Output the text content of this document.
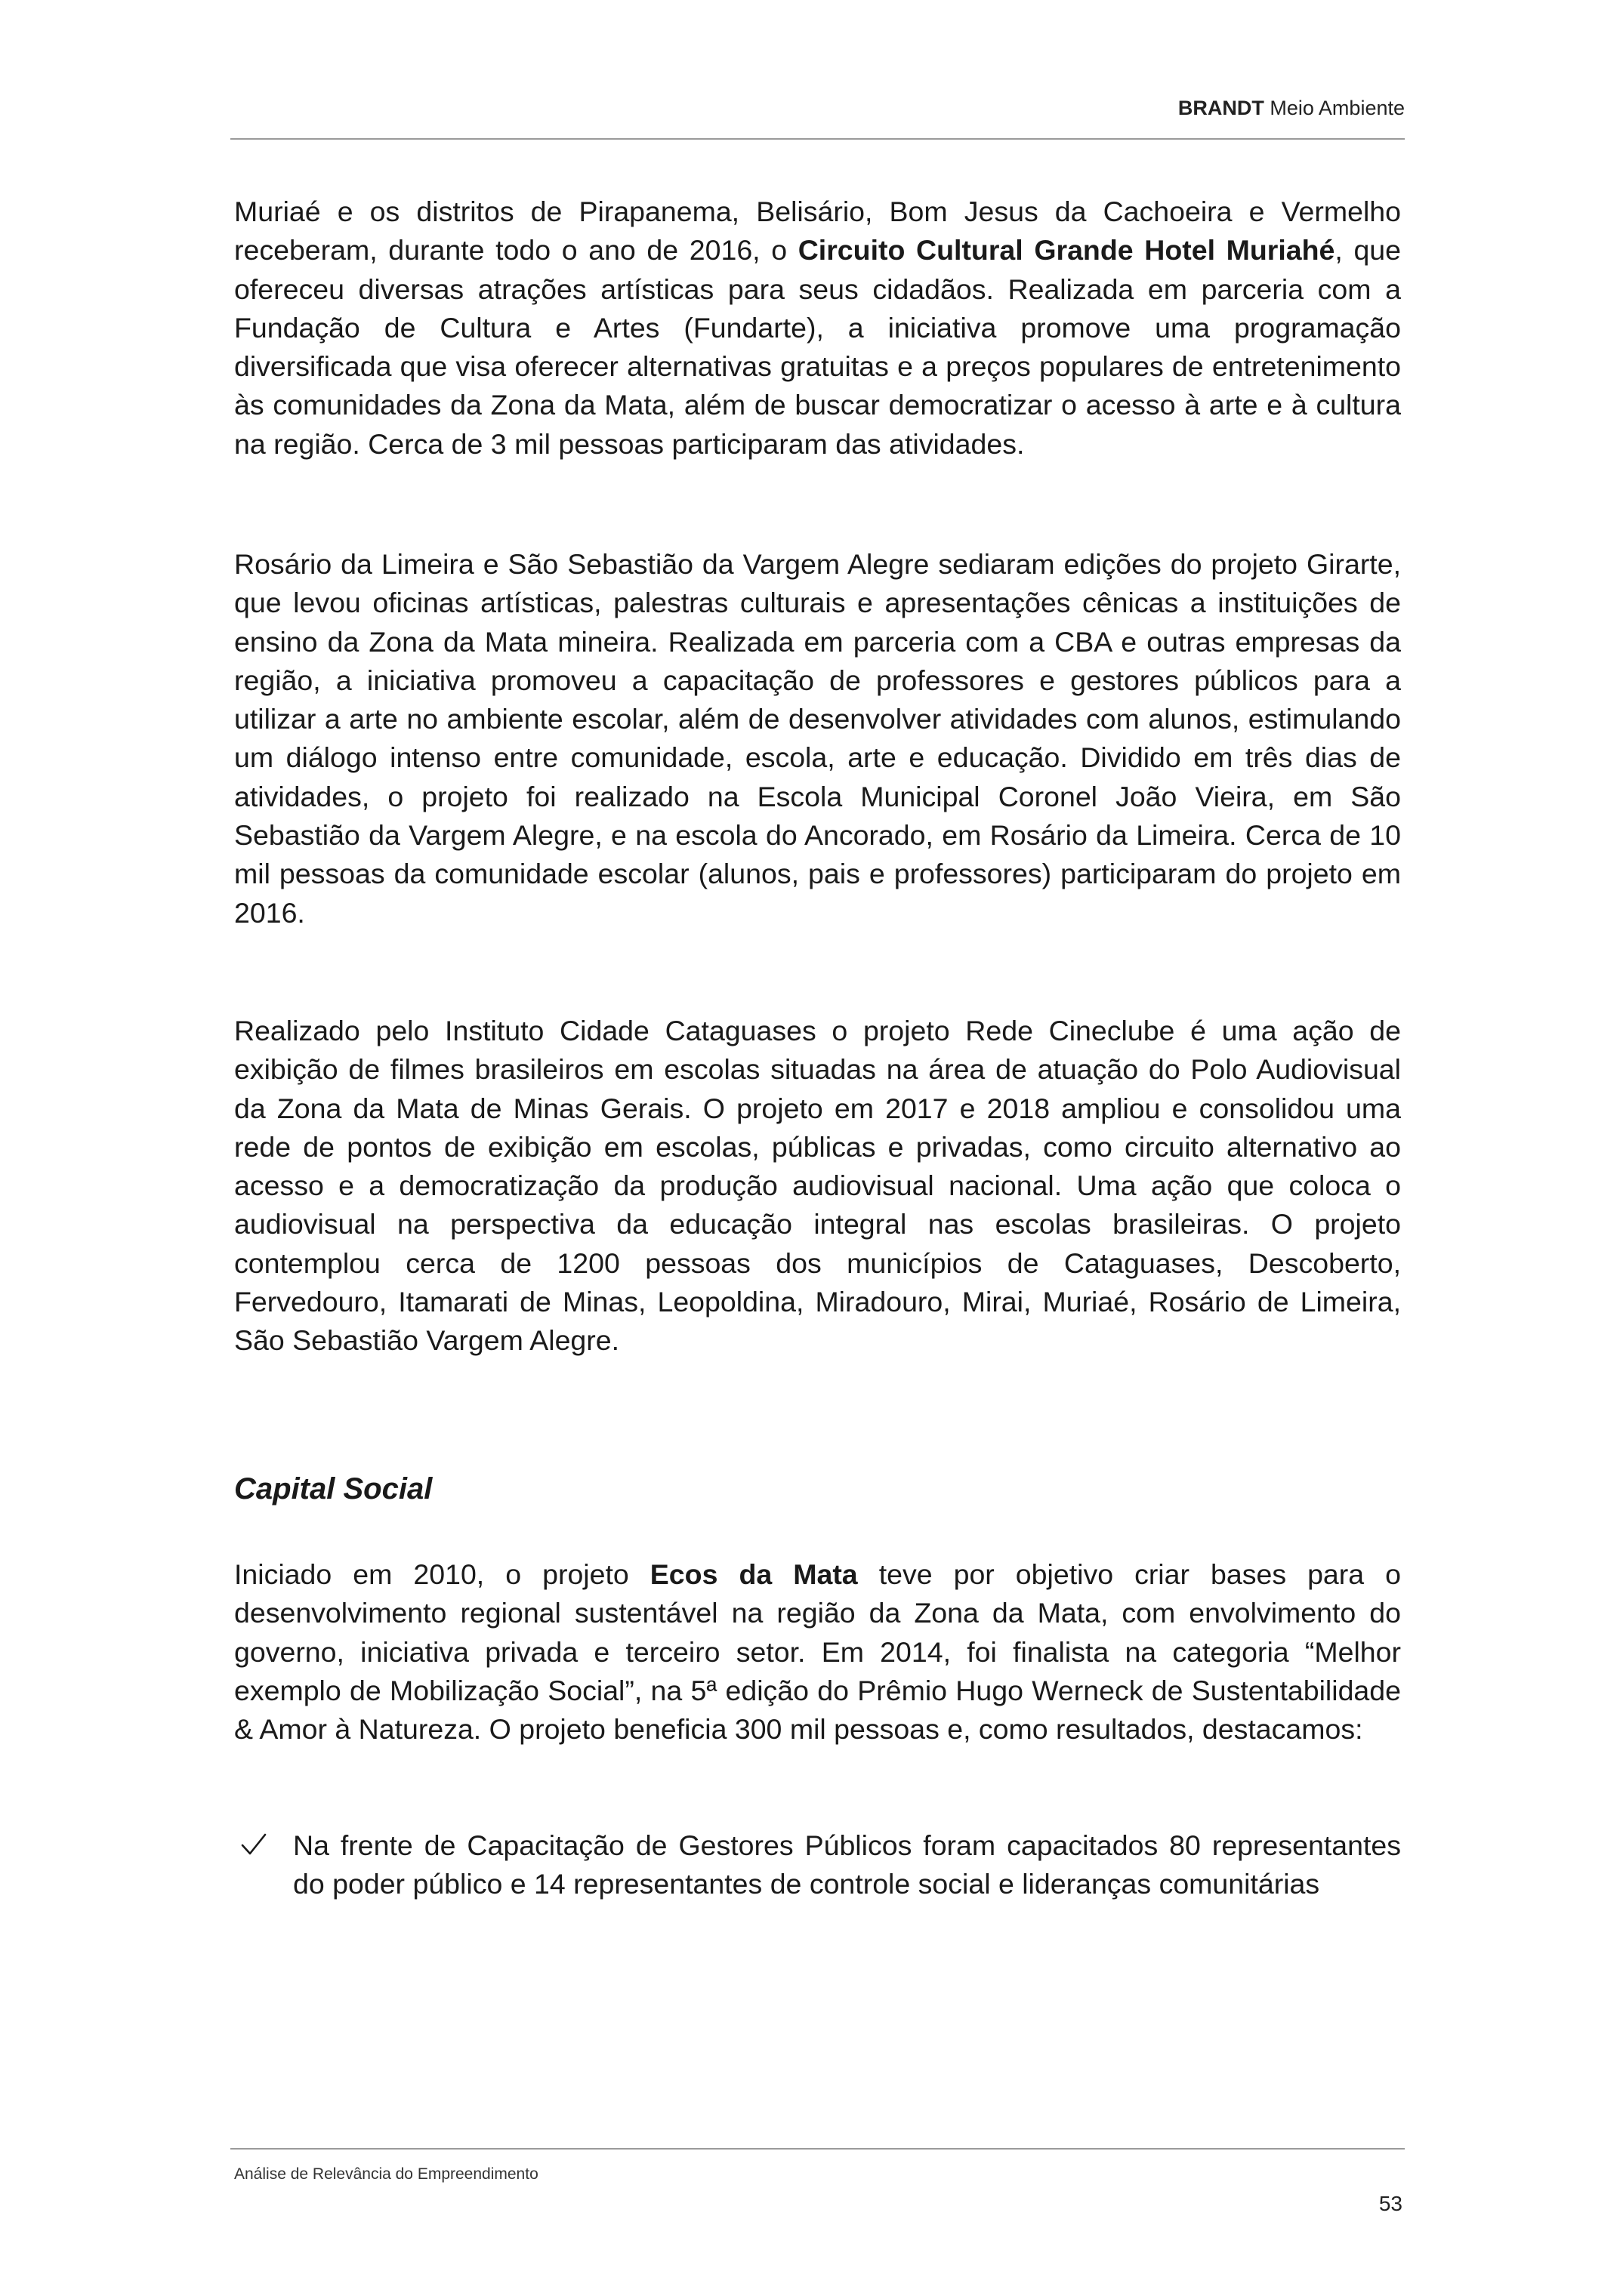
BRANDT Meio Ambiente
Muriaé e os distritos de Pirapanema, Belisário, Bom Jesus da Cachoeira e Vermelho receberam, durante todo o ano de 2016, o Circuito Cultural Grande Hotel Muriahé, que ofereceu diversas atrações artísticas para seus cidadãos. Realizada em parceria com a Fundação de Cultura e Artes (Fundarte), a iniciativa promove uma programação diversificada que visa oferecer alternativas gratuitas e a preços populares de entretenimento às comunidades da Zona da Mata, além de buscar democratizar o acesso à arte e à cultura na região. Cerca de 3 mil pessoas participaram das atividades.
Rosário da Limeira e São Sebastião da Vargem Alegre sediaram edições do projeto Girarte, que levou oficinas artísticas, palestras culturais e apresentações cênicas a instituições de ensino da Zona da Mata mineira. Realizada em parceria com a CBA e outras empresas da região, a iniciativa promoveu a capacitação de professores e gestores públicos para a utilizar a arte no ambiente escolar, além de desenvolver atividades com alunos, estimulando um diálogo intenso entre comunidade, escola, arte e educação. Dividido em três dias de atividades, o projeto foi realizado na Escola Municipal Coronel João Vieira, em São Sebastião da Vargem Alegre, e na escola do Ancorado, em Rosário da Limeira. Cerca de 10 mil pessoas da comunidade escolar (alunos, pais e professores) participaram do projeto em 2016.
Realizado pelo Instituto Cidade Cataguases o projeto Rede Cineclube é uma ação de exibição de filmes brasileiros em escolas situadas na área de atuação do Polo Audiovisual da Zona da Mata de Minas Gerais. O projeto em 2017 e 2018 ampliou e consolidou uma rede de pontos de exibição em escolas, públicas e privadas, como circuito alternativo ao acesso e a democratização da produção audiovisual nacional. Uma ação que coloca o audiovisual na perspectiva da educação integral nas escolas brasileiras. O projeto contemplou cerca de 1200 pessoas dos municípios de Cataguases, Descoberto, Fervedouro, Itamarati de Minas, Leopoldina, Miradouro, Mirai, Muriaé, Rosário de Limeira, São Sebastião Vargem Alegre.
Capital Social
Iniciado em 2010, o projeto Ecos da Mata teve por objetivo criar bases para o desenvolvimento regional sustentável na região da Zona da Mata, com envolvimento do governo, iniciativa privada e terceiro setor. Em 2014, foi finalista na categoria “Melhor exemplo de Mobilização Social”, na 5ª edição do Prêmio Hugo Werneck de Sustentabilidade & Amor à Natureza. O projeto beneficia 300 mil pessoas e, como resultados, destacamos:
Na frente de Capacitação de Gestores Públicos foram capacitados 80 representantes do poder público e 14 representantes de controle social e lideranças comunitárias
Análise de Relevância do Empreendimento
53
